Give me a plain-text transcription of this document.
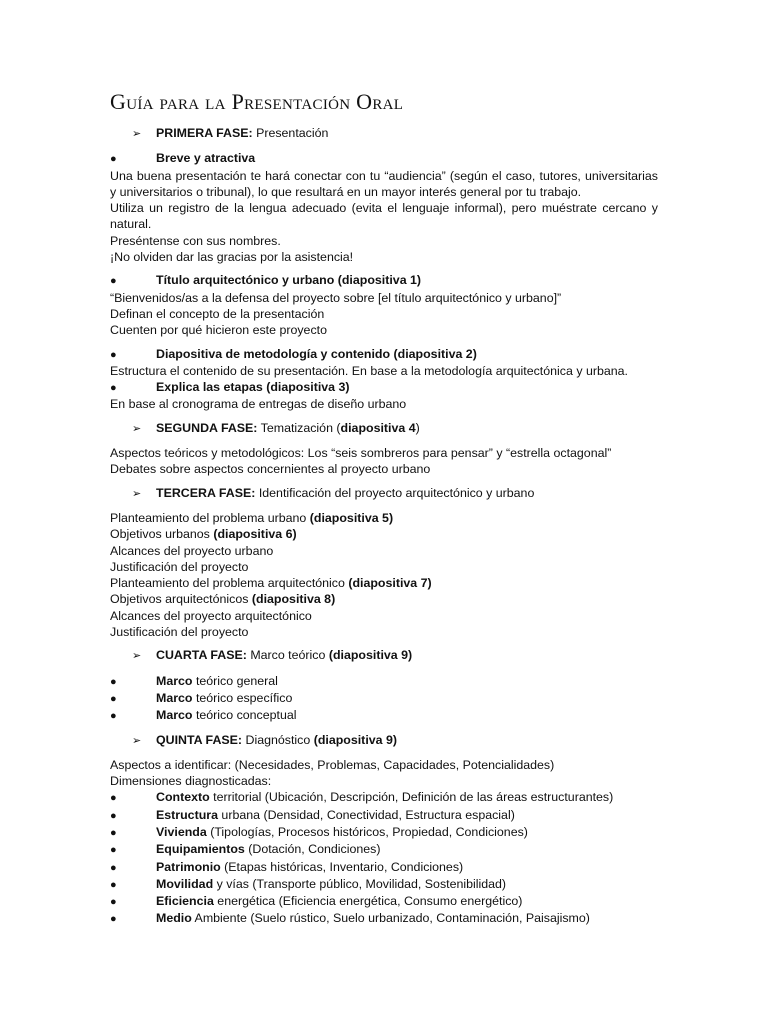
Guía para la Presentación Oral
➢	PRIMERA FASE: Presentación
●	Breve y atractiva

Una buena presentación te hará conectar con tu “audiencia” (según el caso, tutores, universitarias y universitarios o tribunal), lo que resultará en un mayor interés general por tu trabajo.

Utiliza un registro de la lengua adecuado (evita el lenguaje informal), pero muéstrate cercano y natural.

Preséntense con sus nombres.

¡No olviden dar las gracias por la asistencia!

●	Título arquitectónico y urbano (diapositiva 1)

“Bienvenidos/as a la defensa del proyecto sobre [el título arquitectónico y urbano]”

Definan el concepto de la presentación

Cuenten por qué hicieron este proyecto

●	Diapositiva de metodología y contenido (diapositiva 2)

Estructura el contenido de su presentación. En base a la metodología arquitectónica y urbana.

●	Explica las etapas (diapositiva 3)

En base al cronograma de entregas de diseño urbano

➢	SEGUNDA FASE: Tematización (diapositiva 4)

Aspectos teóricos y metodológicos: Los “seis sombreros para pensar” y “estrella octagonal”

Debates sobre aspectos concernientes al proyecto urbano

➢	TERCERA FASE: Identificación del proyecto arquitectónico y urbano

Planteamiento del problema urbano (diapositiva 5)

Objetivos urbanos (diapositiva 6)

Alcances del proyecto urbano

Justificación del proyecto

Planteamiento del problema arquitectónico (diapositiva 7)

Objetivos arquitectónicos (diapositiva 8)

Alcances del proyecto arquitectónico

Justificación del proyecto

➢	CUARTA FASE: Marco teórico (diapositiva 9)
●	Marco teórico general
●	Marco teórico específico
●	Marco teórico conceptual
➢	QUINTA FASE: Diagnóstico (diapositiva 9)

Aspectos a identificar: (Necesidades, Problemas, Capacidades, Potencialidades)

Dimensiones diagnosticadas:

●	Contexto territorial (Ubicación, Descripción, Definición de las áreas estructurantes)
●	Estructura urbana (Densidad, Conectividad, Estructura espacial)
●	Vivienda (Tipologías, Procesos históricos, Propiedad, Condiciones)
●	Equipamientos (Dotación, Condiciones)
●	Patrimonio (Etapas históricas, Inventario, Condiciones)
●	Movilidad y vías (Transporte público, Movilidad, Sostenibilidad)
●	Eficiencia energética (Eficiencia energética, Consumo energético)
●	Medio Ambiente (Suelo rústico, Suelo urbanizado, Contaminación, Paisajismo)
